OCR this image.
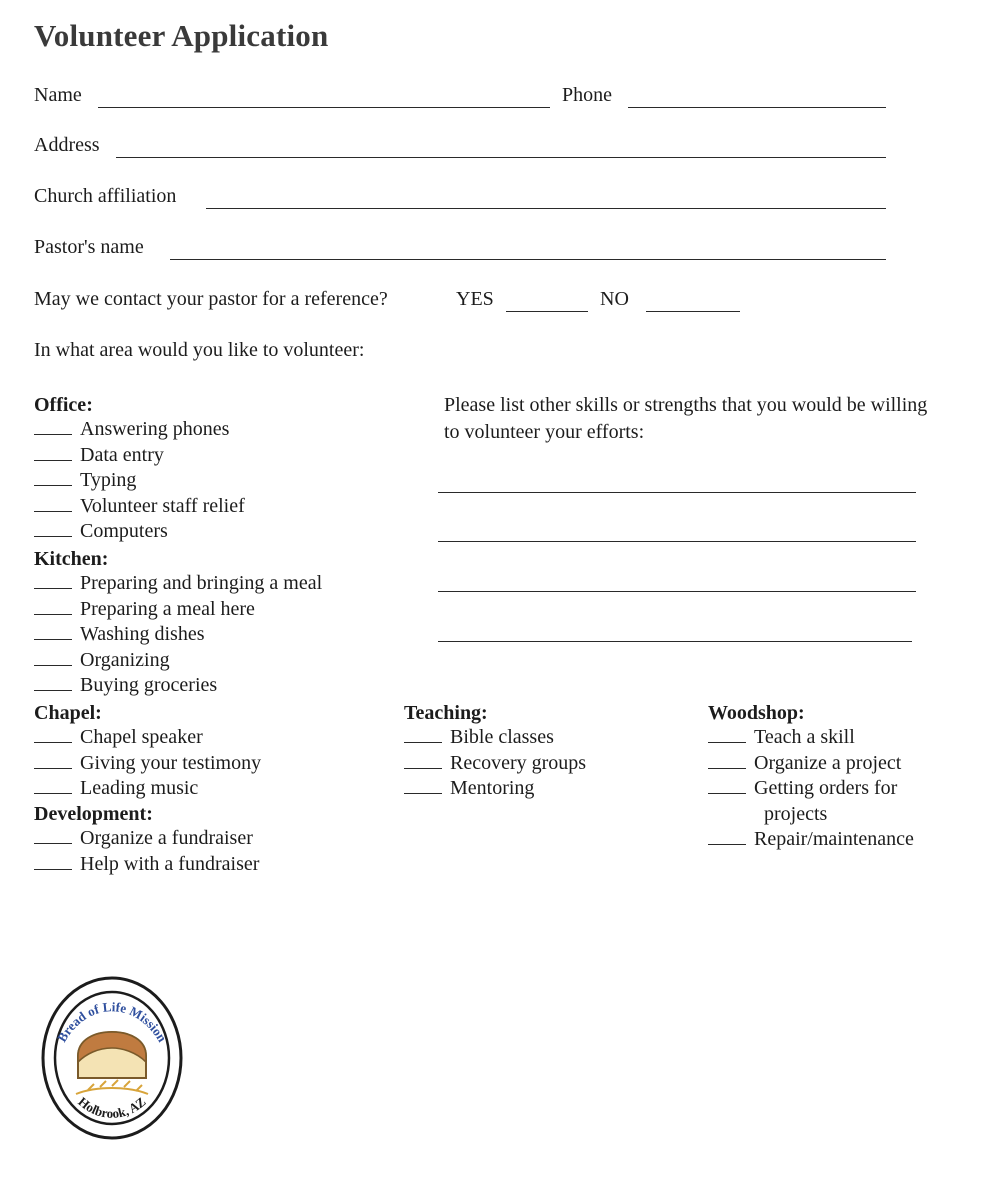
Volunteer Application
Name	Phone
Address
Church affiliation
Pastor's name
May we contact your pastor for a reference?	YES	NO
In what area would you like to volunteer:
Please list other skills or strengths that you would be willing to volunteer your efforts:
Office:
Answering phones
Data entry
Typing
Volunteer staff relief
Computers
Kitchen:
Preparing and bringing a meal
Preparing a meal here
Washing dishes
Organizing
Buying groceries
Chapel:
Chapel speaker
Giving your testimony
Leading music
Development:
Organize a fundraiser
Help with a fundraiser
Teaching:
Bible classes
Recovery groups
Mentoring
Woodshop:
Teach a skill
Organize a project
Getting orders for
projects
Repair/maintenance
Bread of Life Mission
Holbrook, AZ
